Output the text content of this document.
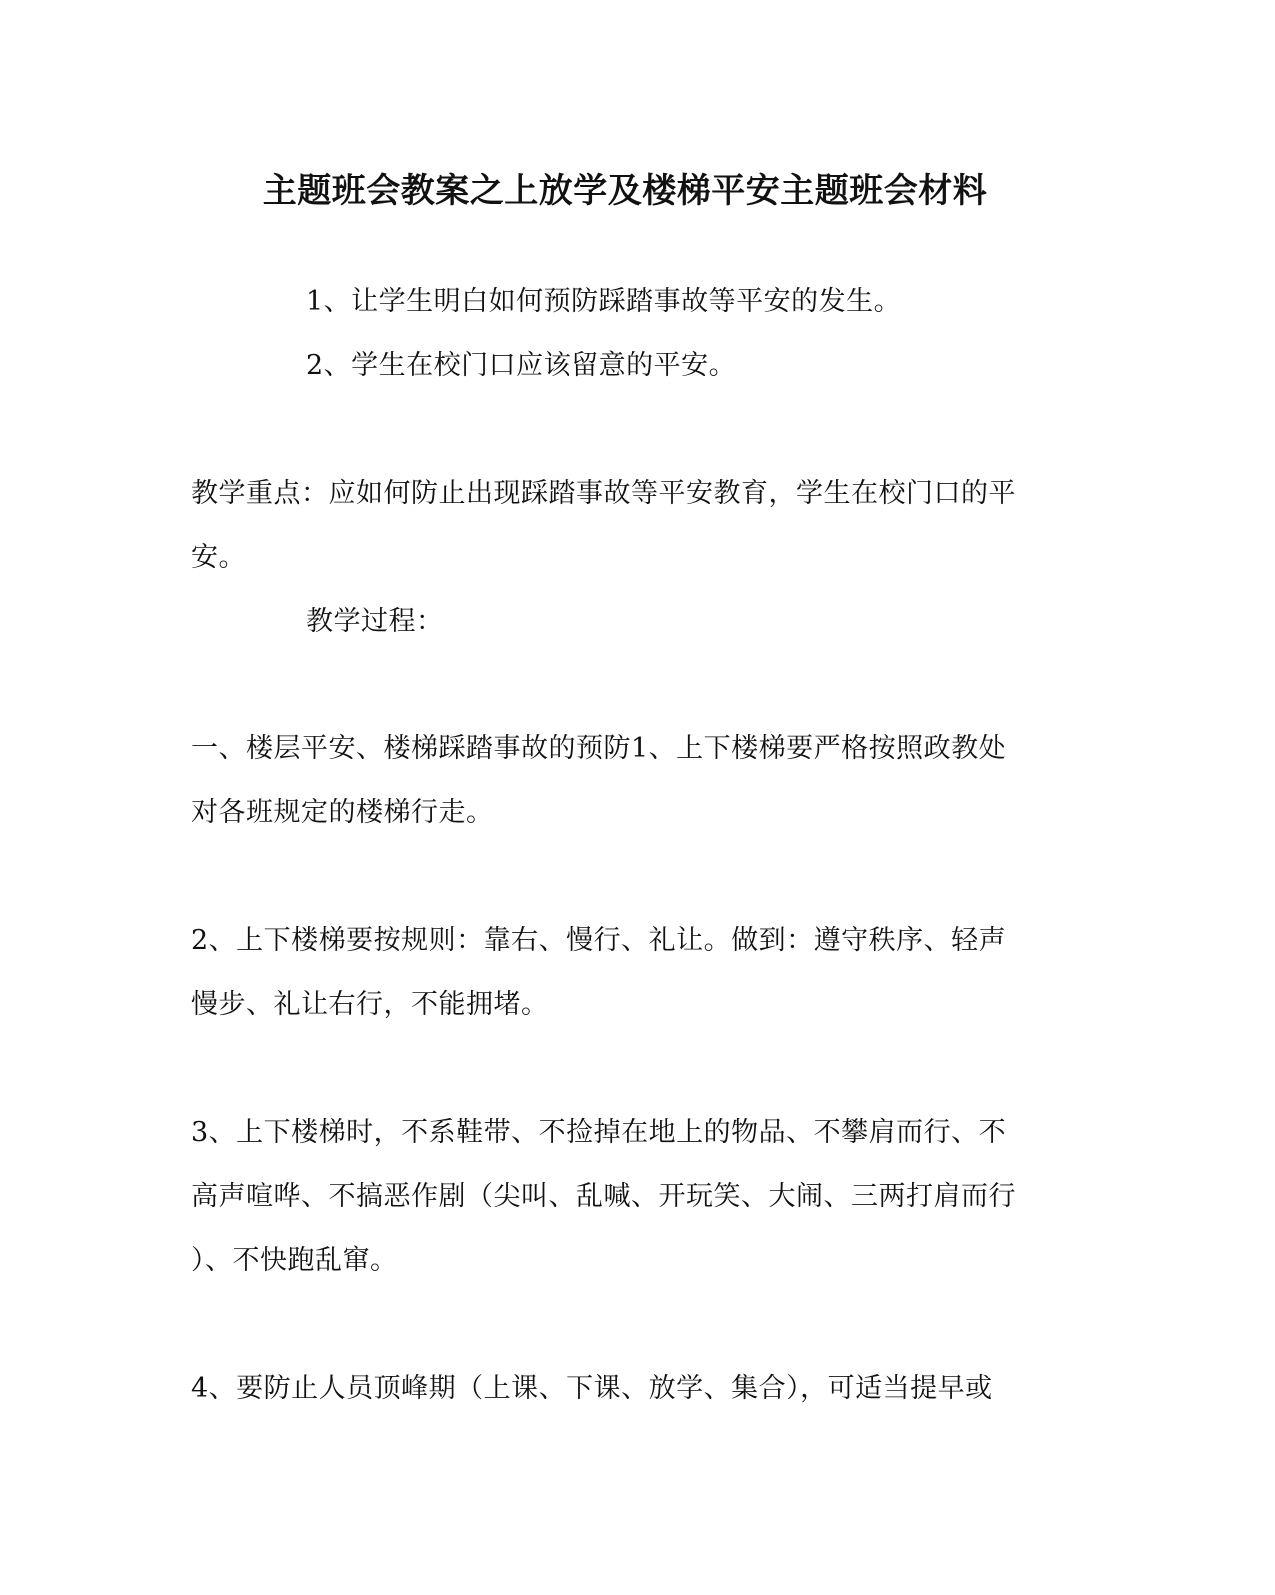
主题班会教案之上放学及楼梯平安主题班会材料
1、让学生明白如何预防踩踏事故等平安的发生。
2、学生在校门口应该留意的平安。
教学重点：应如何防止出现踩踏事故等平安教育，学生在校门口的平
安。
教学过程：
一、楼层平安、楼梯踩踏事故的预防1、上下楼梯要严格按照政教处
对各班规定的楼梯行走。
2、上下楼梯要按规则：靠右、慢行、礼让。做到：遵守秩序、轻声
慢步、礼让右行，不能拥堵。
3、上下楼梯时，不系鞋带、不捡掉在地上的物品、不攀肩而行、不
高声喧哗、不搞恶作剧（尖叫、乱喊、开玩笑、大闹、三两打肩而行
）、不快跑乱窜。
4、要防止人员顶峰期（上课、下课、放学、集合），可适当提早或
